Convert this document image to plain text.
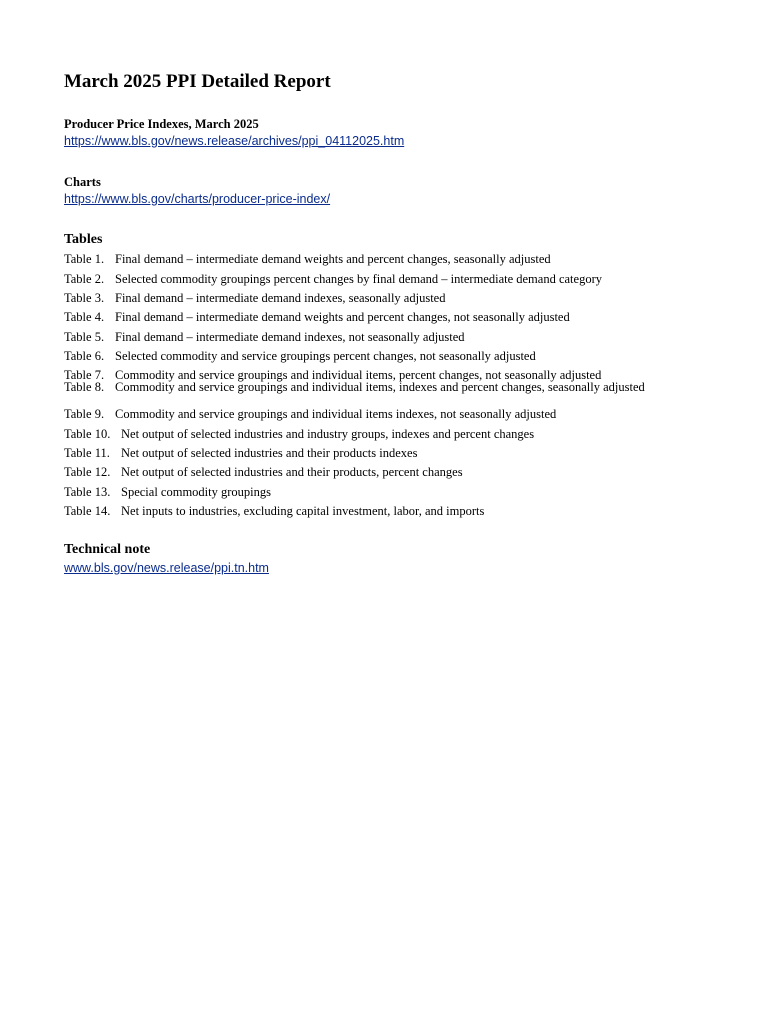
March 2025 PPI Detailed Report
Producer Price Indexes, March 2025
https://www.bls.gov/news.release/archives/ppi_04112025.htm
Charts
https://www.bls.gov/charts/producer-price-index/
Tables
Table 1. Final demand – intermediate demand weights and percent changes, seasonally adjusted
Table 2. Selected commodity groupings percent changes by final demand – intermediate demand category
Table 3. Final demand – intermediate demand indexes, seasonally adjusted
Table 4. Final demand – intermediate demand weights and percent changes, not seasonally adjusted
Table 5. Final demand – intermediate demand indexes, not seasonally adjusted
Table 6. Selected commodity and service groupings percent changes, not seasonally adjusted
Table 7. Commodity and service groupings and individual items, percent changes, not seasonally adjusted
Table 8. Commodity and service groupings and individual items, indexes and percent changes, seasonally adjusted
Table 9. Commodity and service groupings and individual items indexes, not seasonally adjusted
Table 10. Net output of selected industries and industry groups, indexes and percent changes
Table 11. Net output of selected industries and their products indexes
Table 12. Net output of selected industries and their products, percent changes
Table 13. Special commodity groupings
Table 14. Net inputs to industries, excluding capital investment, labor, and imports
Technical note
www.bls.gov/news.release/ppi.tn.htm
